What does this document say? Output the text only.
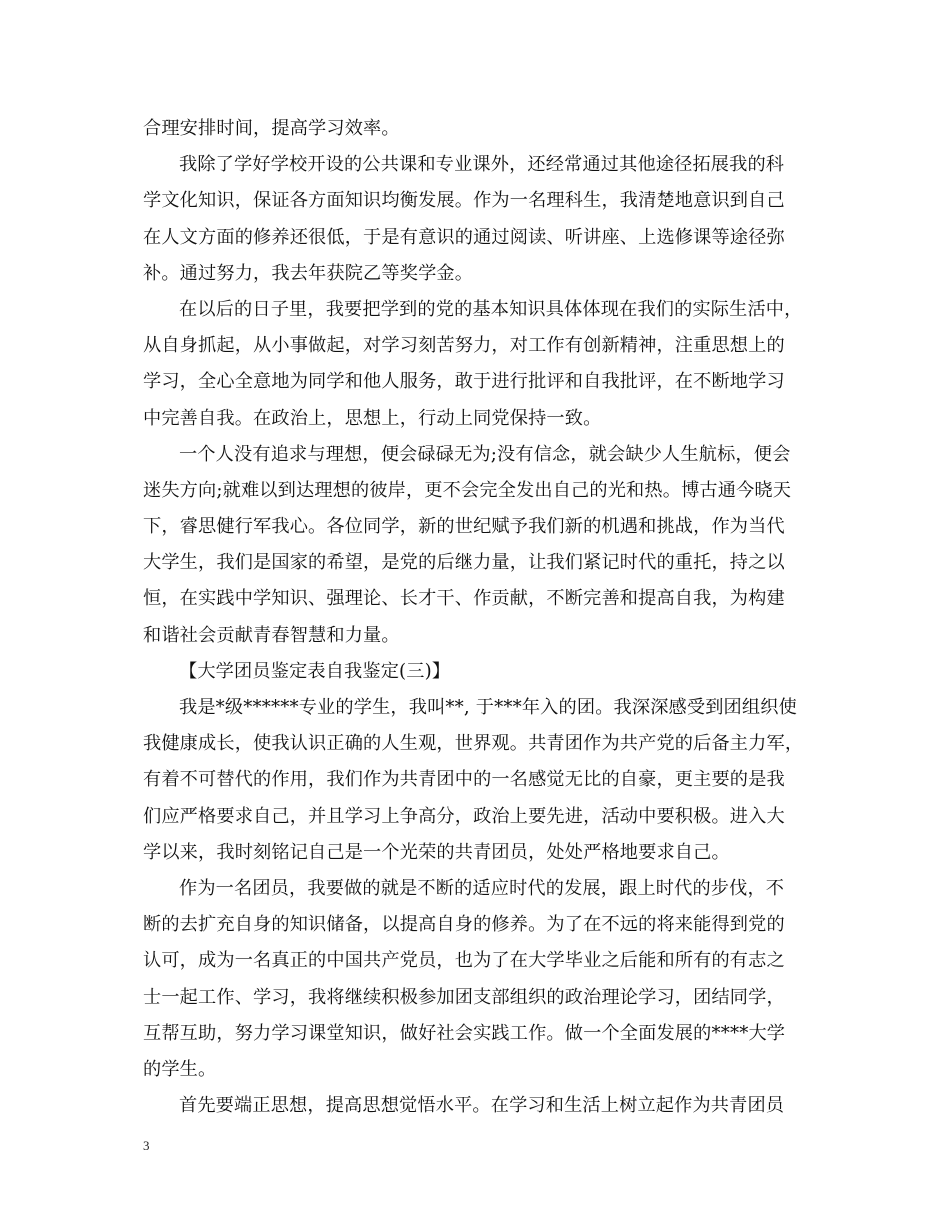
合理安排时间，提高学习效率。
我除了学好学校开设的公共课和专业课外，还经常通过其他途径拓展我的科
学文化知识，保证各方面知识均衡发展。作为一名理科生，我清楚地意识到自己
在人文方面的修养还很低，于是有意识的通过阅读、听讲座、上选修课等途径弥
补。通过努力，我去年获院乙等奖学金。
在以后的日子里，我要把学到的党的基本知识具体体现在我们的实际生活中，
从自身抓起，从小事做起，对学习刻苦努力，对工作有创新精神，注重思想上的
学习，全心全意地为同学和他人服务，敢于进行批评和自我批评，在不断地学习
中完善自我。在政治上，思想上，行动上同党保持一致。
一个人没有追求与理想，便会碌碌无为;没有信念，就会缺少人生航标，便会
迷失方向;就难以到达理想的彼岸，更不会完全发出自己的光和热。博古通今晓天
下，睿思健行军我心。各位同学，新的世纪赋予我们新的机遇和挑战，作为当代
大学生，我们是国家的希望，是党的后继力量，让我们紧记时代的重托，持之以
恒，在实践中学知识、强理论、长才干、作贡献，不断完善和提高自我，为构建
和谐社会贡献青春智慧和力量。
【大学团员鉴定表自我鉴定(三)】
我是*级******专业的学生，我叫**, 于***年入的团。我深深感受到团组织使
我健康成长，使我认识正确的人生观，世界观。共青团作为共产党的后备主力军，
有着不可替代的作用，我们作为共青团中的一名感觉无比的自豪，更主要的是我
们应严格要求自己，并且学习上争高分，政治上要先进，活动中要积极。进入大
学以来，我时刻铭记自己是一个光荣的共青团员，处处严格地要求自己。
作为一名团员，我要做的就是不断的适应时代的发展，跟上时代的步伐，不
断的去扩充自身的知识储备，以提高自身的修养。为了在不远的将来能得到党的
认可，成为一名真正的中国共产党员，也为了在大学毕业之后能和所有的有志之
士一起工作、学习，我将继续积极参加团支部组织的政治理论学习，团结同学，
互帮互助，努力学习课堂知识，做好社会实践工作。做一个全面发展的****大学
的学生。
首先要端正思想，提高思想觉悟水平。在学习和生活上树立起作为共青团员
3
